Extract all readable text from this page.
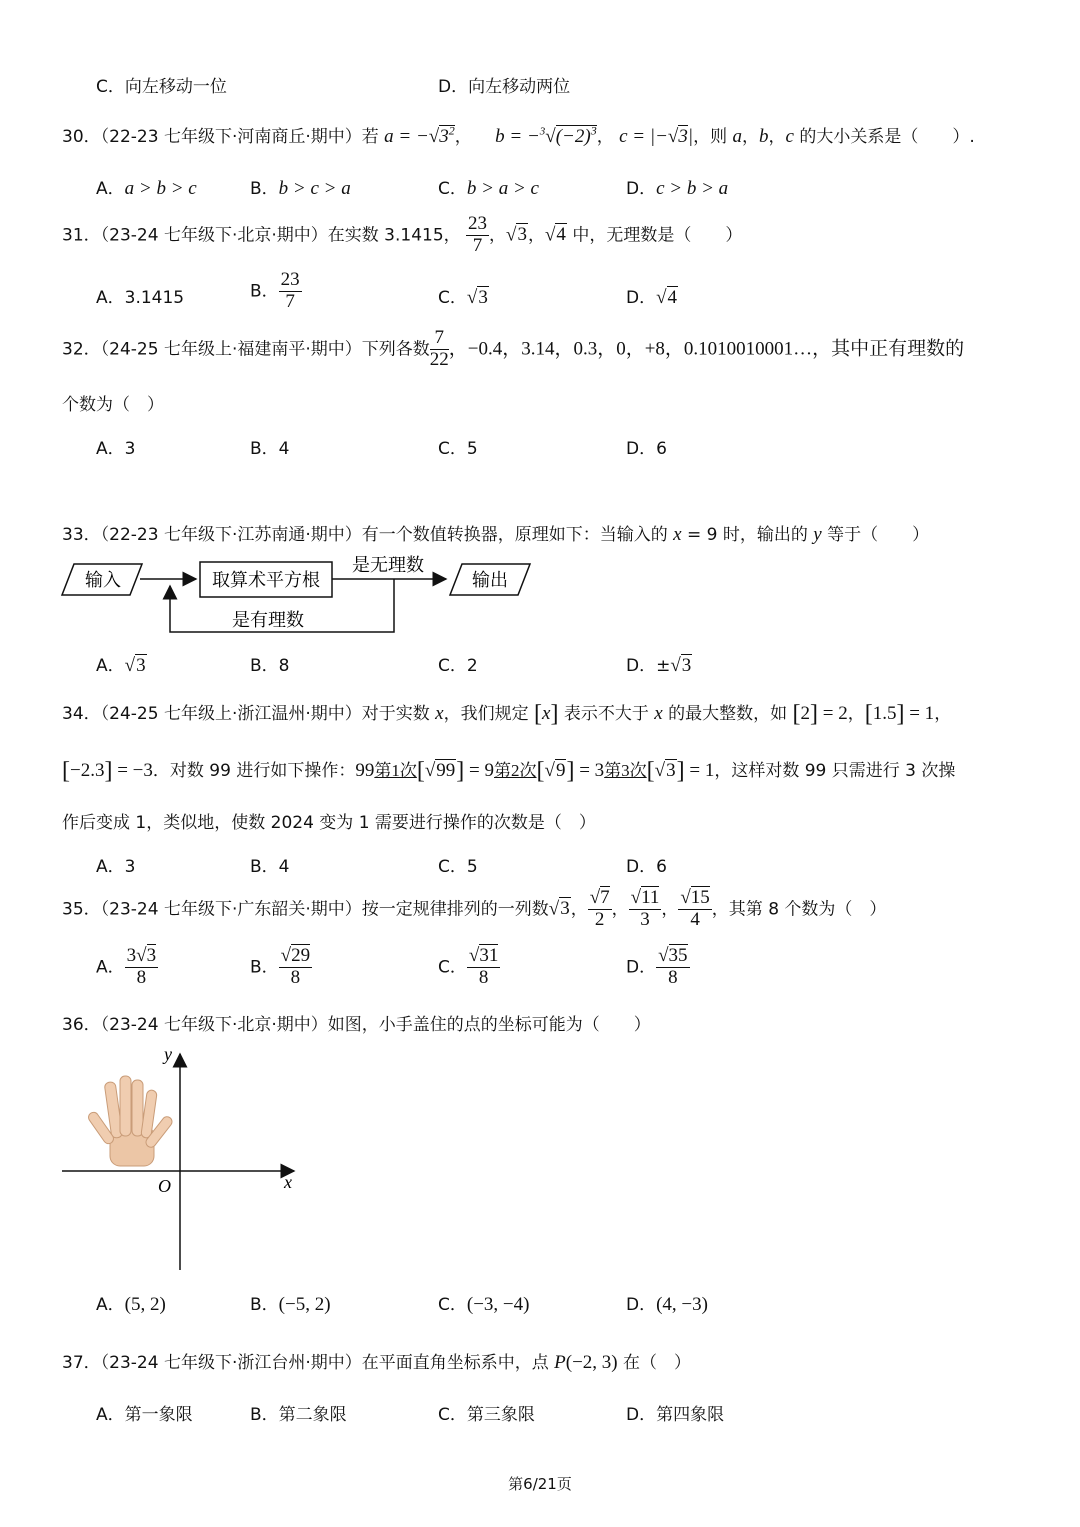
C．向左移动一位	D．向左移动两位
30．（22-23 七年级下·河南商丘·期中）若 $a = -√3^2$， $b = -^3√(-2)^3$， c = |−√3|，则 a，b，c 的大小关系是（　　）.
A．a > b > c	B．b > c > a	C．b > a > c	D．c > b > a
31．（23-24 七年级下·北京·期中）在实数 3.1415， $\frac{23}{7}$ ，√3，√4 中，无理数是（　　）
A．3.1415	B． $\frac{23}{7}$	C．√3	D．√4
32．（24-25 七年级上·福建南平·期中）下列各数 $\frac{7}{22}$ ，−0.4，3.14，0.3，0，+8，0.1010010001…，其中正有理数的
个数为（　）
A．3	B．4	C．5	D．6
33．（22-23 七年级下·江苏南通·期中）有一个数值转换器，原理如下：当输入的 x = 9 时，输出的 y 等于（　　）
输入	取算术平方根
是无理数
输出
是有理数
A．√3	B．8	C．2	D．±√3
34．（24-25 七年级上·浙江温州·期中）对于实数 x，我们规定 [x] 表示不大于 x 的最大整数，如 [2] = 2，[1.5] = 1，
[−2.3] = −3．对数 99 进行如下操作：99第1次[√99] = 9第2次[√9] = 3第3次[√3] = 1，这样对数 99 只需进行 3 次操
作后变成 1，类似地，使数 2024 变为 1 需要进行操作的次数是（　）
A．3	B．4	C．5	D．6
35．（23-24 七年级下·广东韶关·期中）按一定规律排列的一列数√3， $\frac{√7}{2}$ ， $\frac{√11}{3}$ ， $\frac{√15}{4}$ ，其第 8 个数为（　）
A． $\frac{3√3}{8}$	B． $\frac{√29}{8}$	C． $\frac{√31}{8}$	D． $\frac{√35}{8}$
36．（23-24 七年级下·北京·期中）如图，小手盖住的点的坐标可能为（　　）
x
y
O
A．(5, 2)	B．(−5, 2)	C．(−3, −4)	D．(4, −3)
37．（23-24 七年级下·浙江台州·期中）在平面直角坐标系中，点 P(−2, 3) 在（　）
A．第一象限	B．第二象限	C．第三象限	D．第四象限
第6/21页
